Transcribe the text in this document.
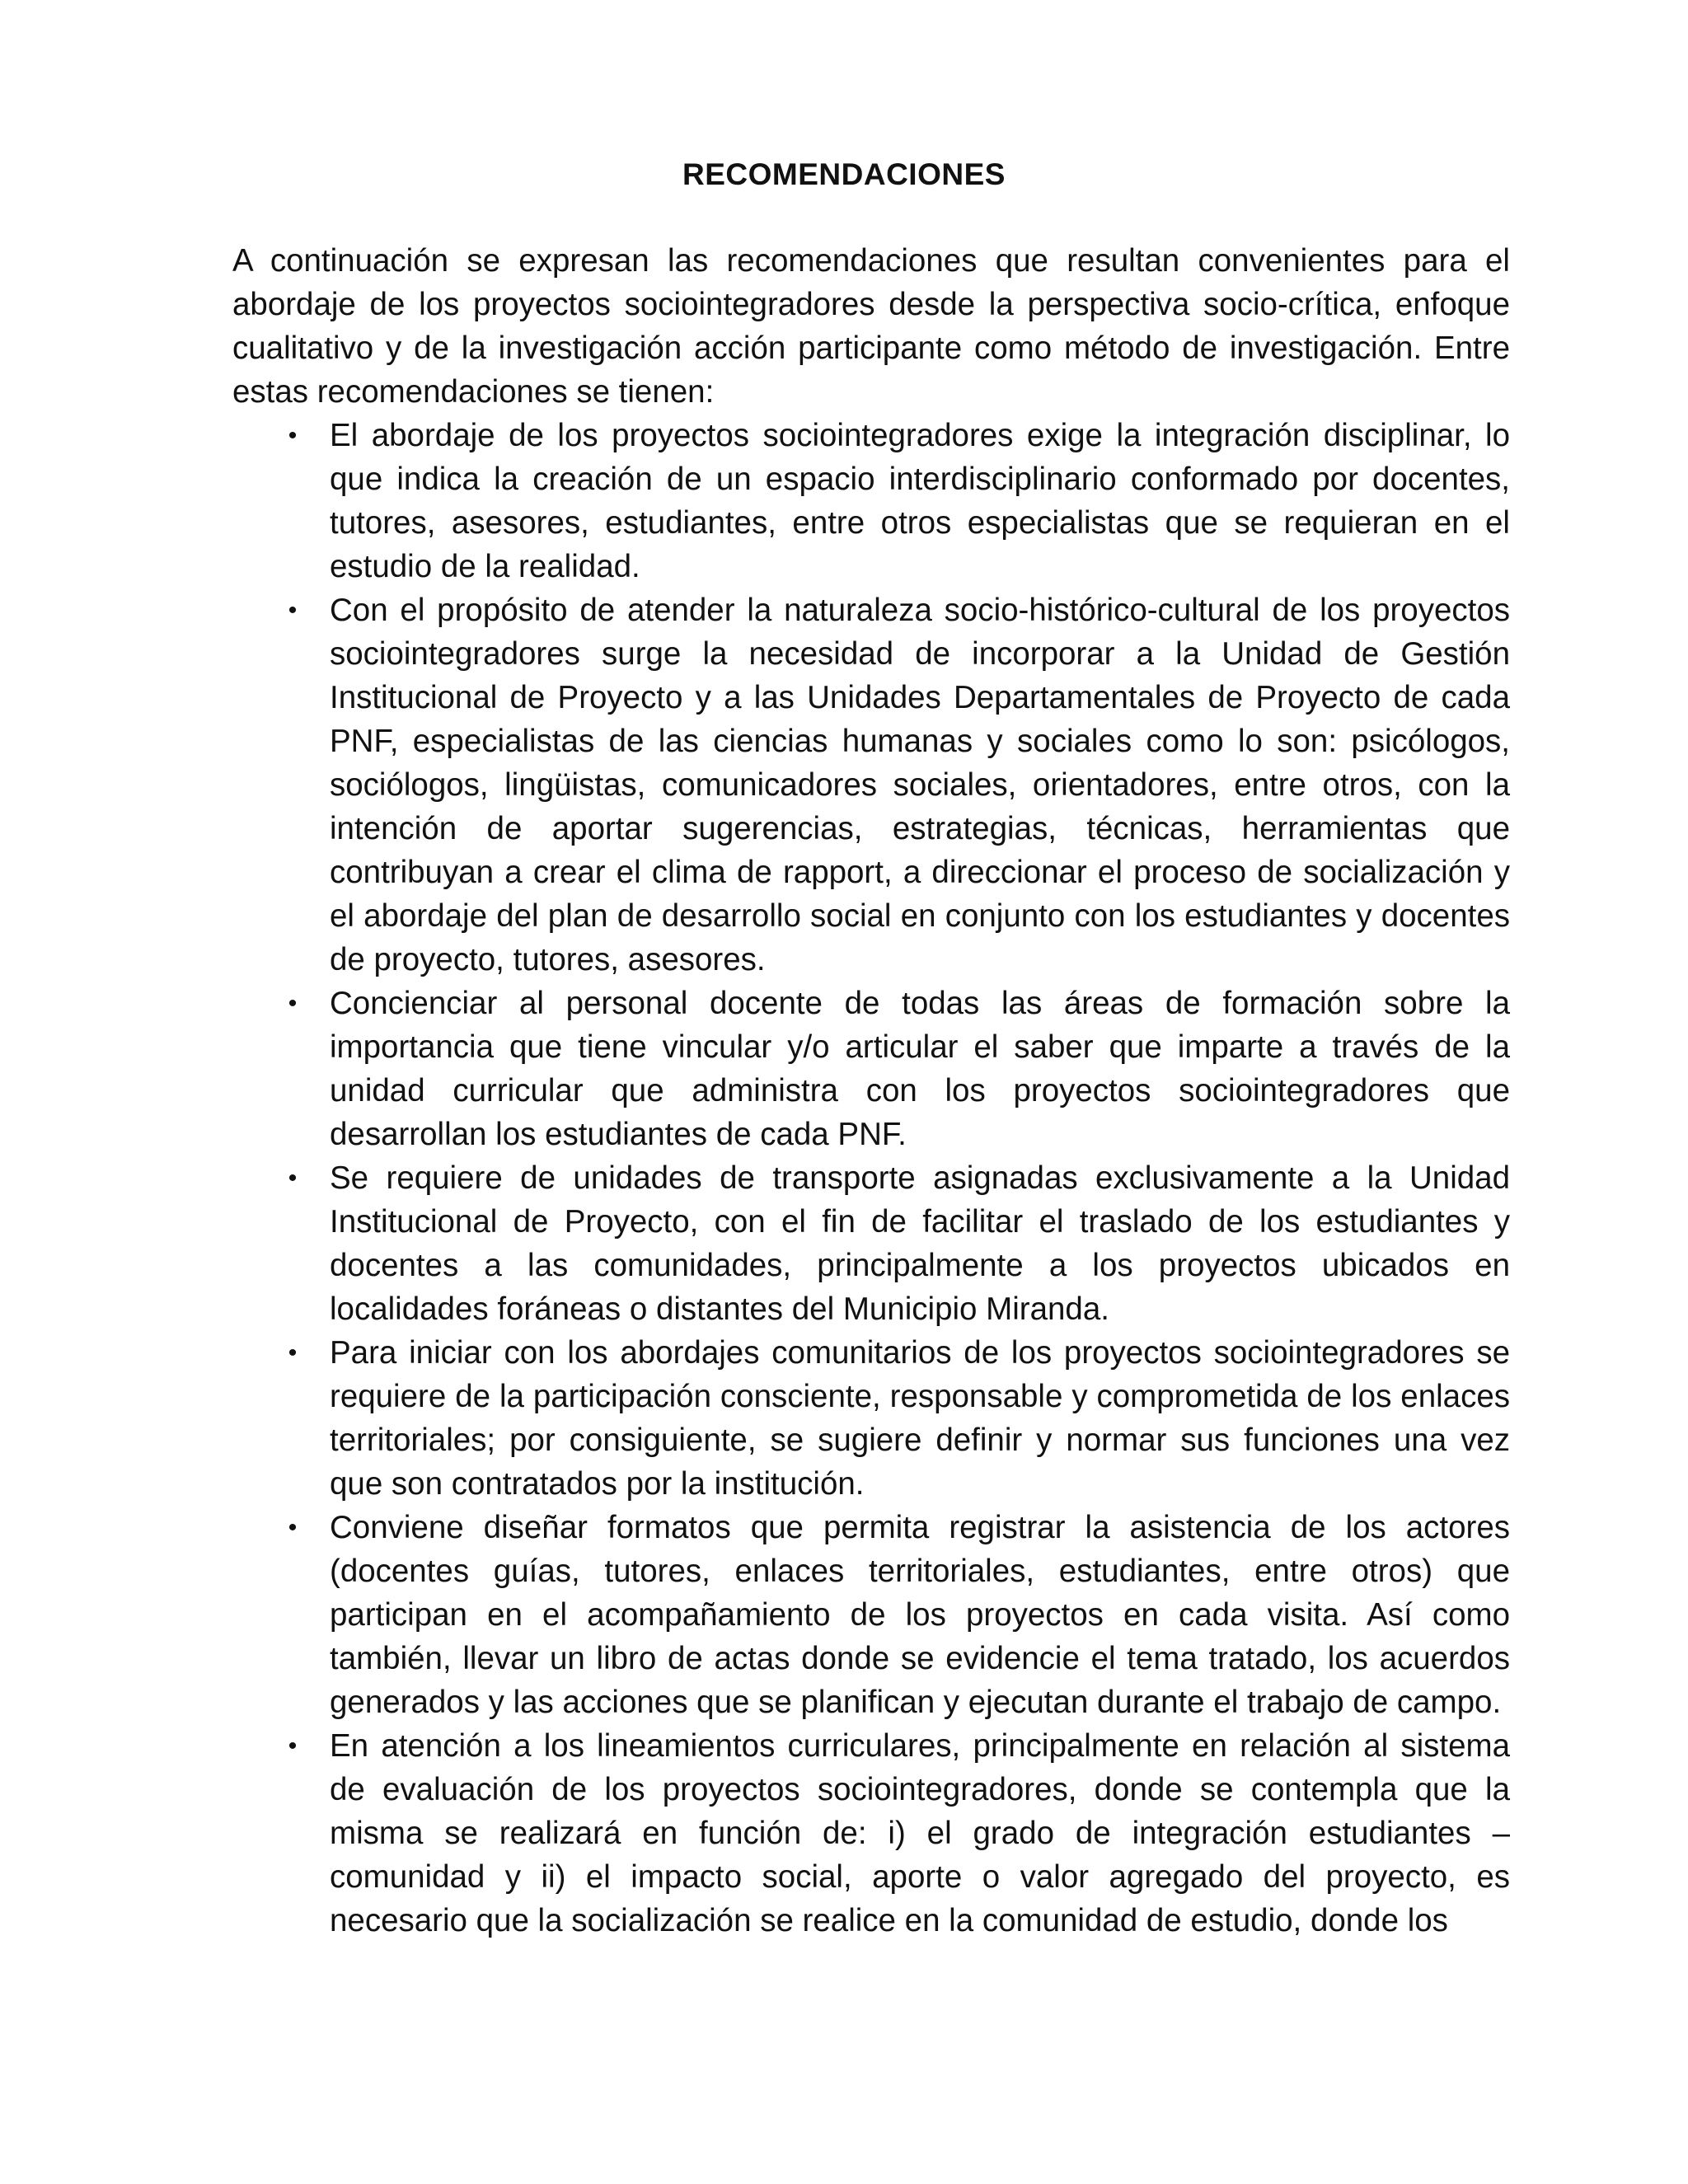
RECOMENDACIONES

A continuación se expresan las recomendaciones que resultan convenientes para el abordaje de los proyectos sociointegradores desde la perspectiva socio-crítica, enfoque cualitativo y de la investigación acción participante como método de investigación. Entre estas recomendaciones se tienen:

• El abordaje de los proyectos sociointegradores exige la integración disciplinar, lo que indica la creación de un espacio interdisciplinario conformado por docentes, tutores, asesores, estudiantes, entre otros especialistas que se requieran en el estudio de la realidad.
• Con el propósito de atender la naturaleza socio-histórico-cultural de los proyectos sociointegradores surge la necesidad de incorporar a la Unidad de Gestión Institucional de Proyecto y a las Unidades Departamentales de Proyecto de cada PNF, especialistas de las ciencias humanas y sociales como lo son: psicólogos, sociólogos, lingüistas, comunicadores sociales, orientadores, entre otros, con la intención de aportar sugerencias, estrategias, técnicas, herramientas que contribuyan a crear el clima de rapport, a direccionar el proceso de socialización y el abordaje del plan de desarrollo social en conjunto con los estudiantes y docentes de proyecto, tutores, asesores.
• Concienciar al personal docente de todas las áreas de formación sobre la importancia que tiene vincular y/o articular el saber que imparte a través de la unidad curricular que administra con los proyectos sociointegradores que desarrollan los estudiantes de cada PNF.
• Se requiere de unidades de transporte asignadas exclusivamente a la Unidad Institucional de Proyecto, con el fin de facilitar el traslado de los estudiantes y docentes a las comunidades, principalmente a los proyectos ubicados en localidades foráneas o distantes del Municipio Miranda.
• Para iniciar con los abordajes comunitarios de los proyectos sociointegradores se requiere de la participación consciente, responsable y comprometida de los enlaces territoriales; por consiguiente, se sugiere definir y normar sus funciones una vez que son contratados por la institución.
• Conviene diseñar formatos que permita registrar la asistencia de los actores (docentes guías, tutores, enlaces territoriales, estudiantes, entre otros) que participan en el acompañamiento de los proyectos en cada visita. Así como también, llevar un libro de actas donde se evidencie el tema tratado, los acuerdos generados y las acciones que se planifican y ejecutan durante el trabajo de campo.
• En atención a los lineamientos curriculares, principalmente en relación al sistema de evaluación de los proyectos sociointegradores, donde se contempla que la misma se realizará en función de: i) el grado de integración estudiantes – comunidad y ii) el impacto social, aporte o valor agregado del proyecto, es necesario que la socialización se realice en la comunidad de estudio, donde los
